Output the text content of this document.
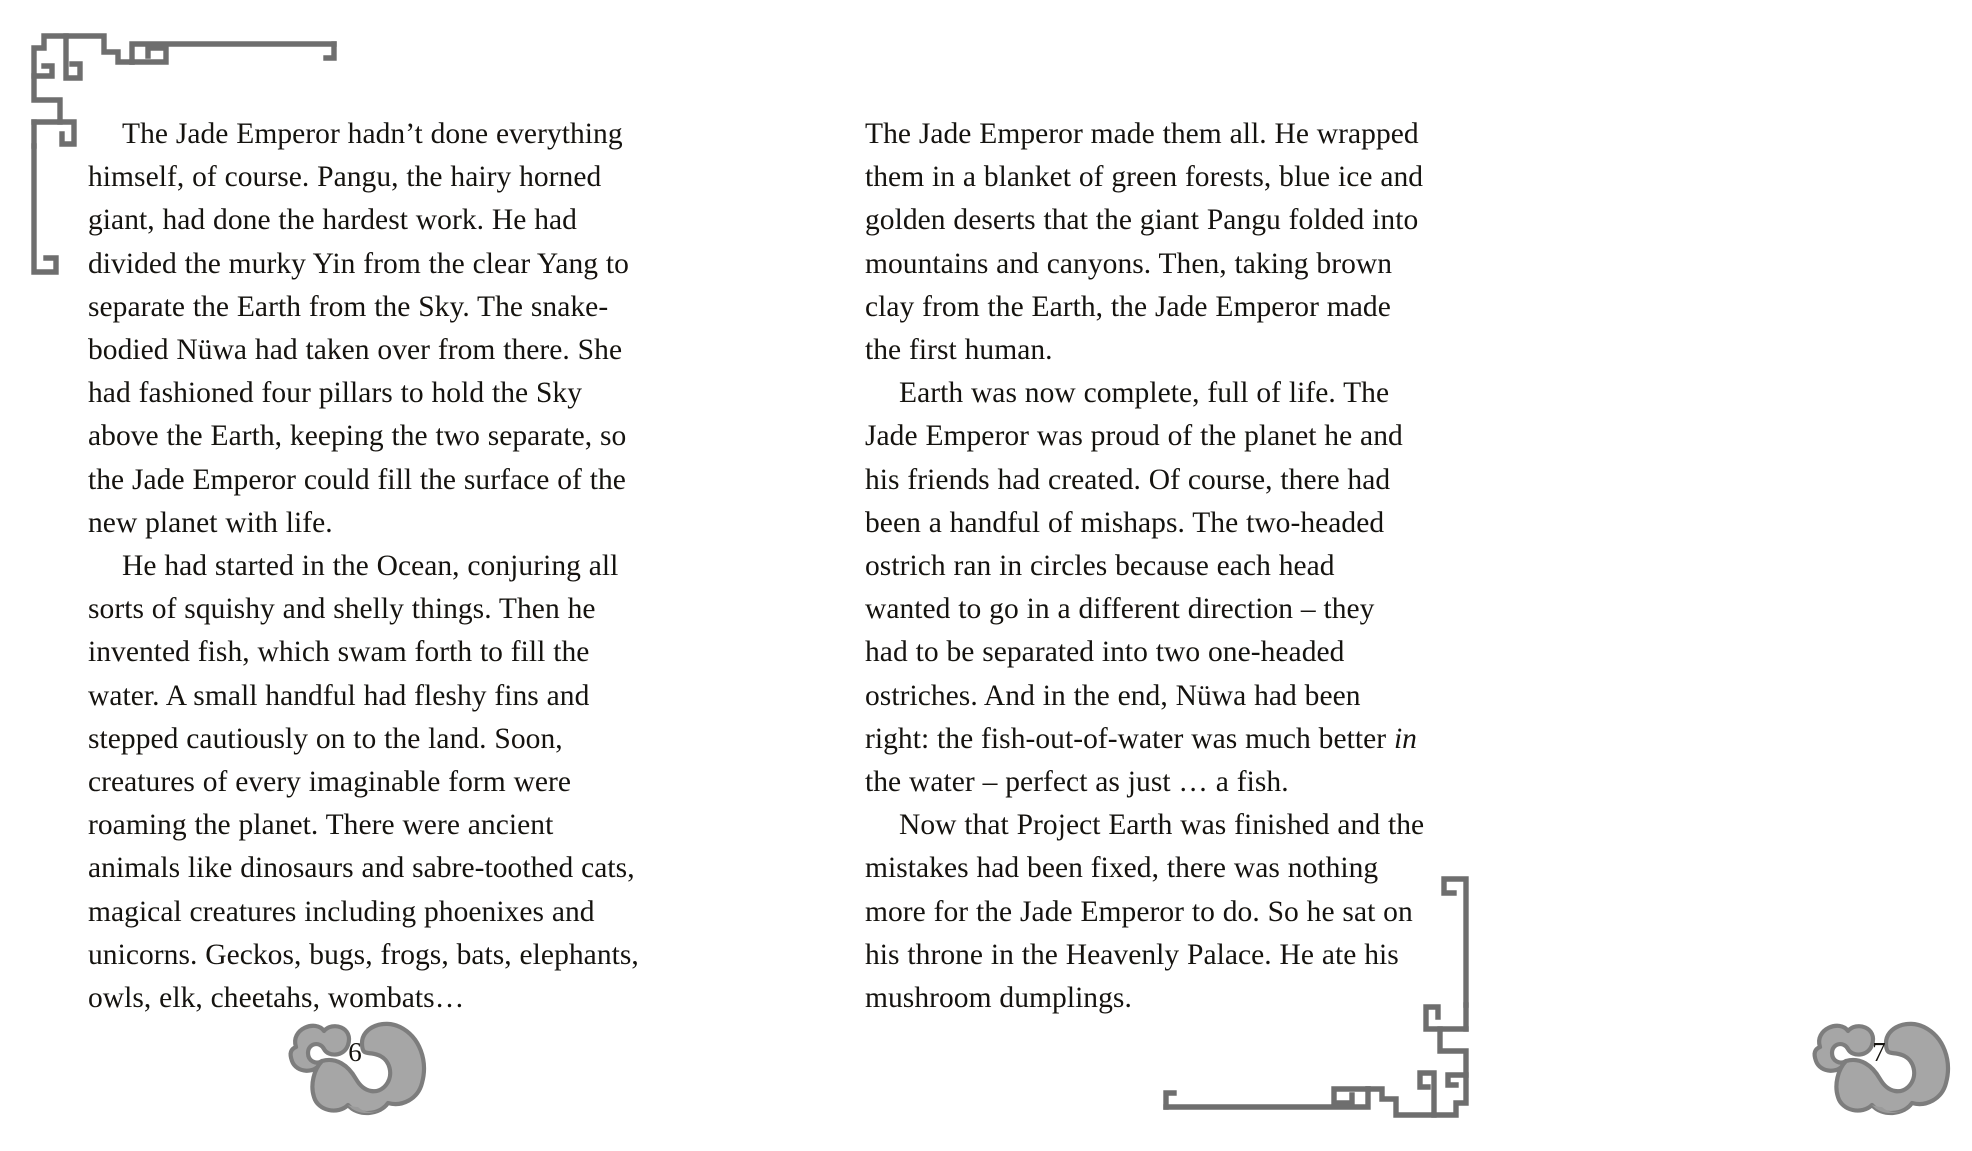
The Jade Emperor hadn’t done everything himself, of course. Pangu, the hairy horned giant, had done the hardest work. He had divided the murky Yin from the clear Yang to separate the Earth from the Sky. The snake-bodied Nüwa had taken over from there. She had fashioned four pillars to hold the Sky above the Earth, keeping the two separate, so the Jade Emperor could fill the surface of the new planet with life.

He had started in the Ocean, conjuring all sorts of squishy and shelly things. Then he invented fish, which swam forth to fill the water. A small handful had fleshy fins and stepped cautiously on to the land. Soon, creatures of every imaginable form were roaming the planet. There were ancient animals like dinosaurs and sabre-toothed cats, magical creatures including phoenixes and unicorns. Geckos, bugs, frogs, bats, elephants, owls, elk, cheetahs, wombats…

6

The Jade Emperor made them all. He wrapped them in a blanket of green forests, blue ice and golden deserts that the giant Pangu folded into mountains and canyons. Then, taking brown clay from the Earth, the Jade Emperor made the first human.

Earth was now complete, full of life. The Jade Emperor was proud of the planet he and his friends had created. Of course, there had been a handful of mishaps. The two-headed ostrich ran in circles because each head wanted to go in a different direction – they had to be separated into two one-headed ostriches. And in the end, Nüwa had been right: the fish-out-of-water was much better in the water – perfect as just … a fish.

Now that Project Earth was finished and the mistakes had been fixed, there was nothing more for the Jade Emperor to do. So he sat on his throne in the Heavenly Palace. He ate his mushroom dumplings.

7
